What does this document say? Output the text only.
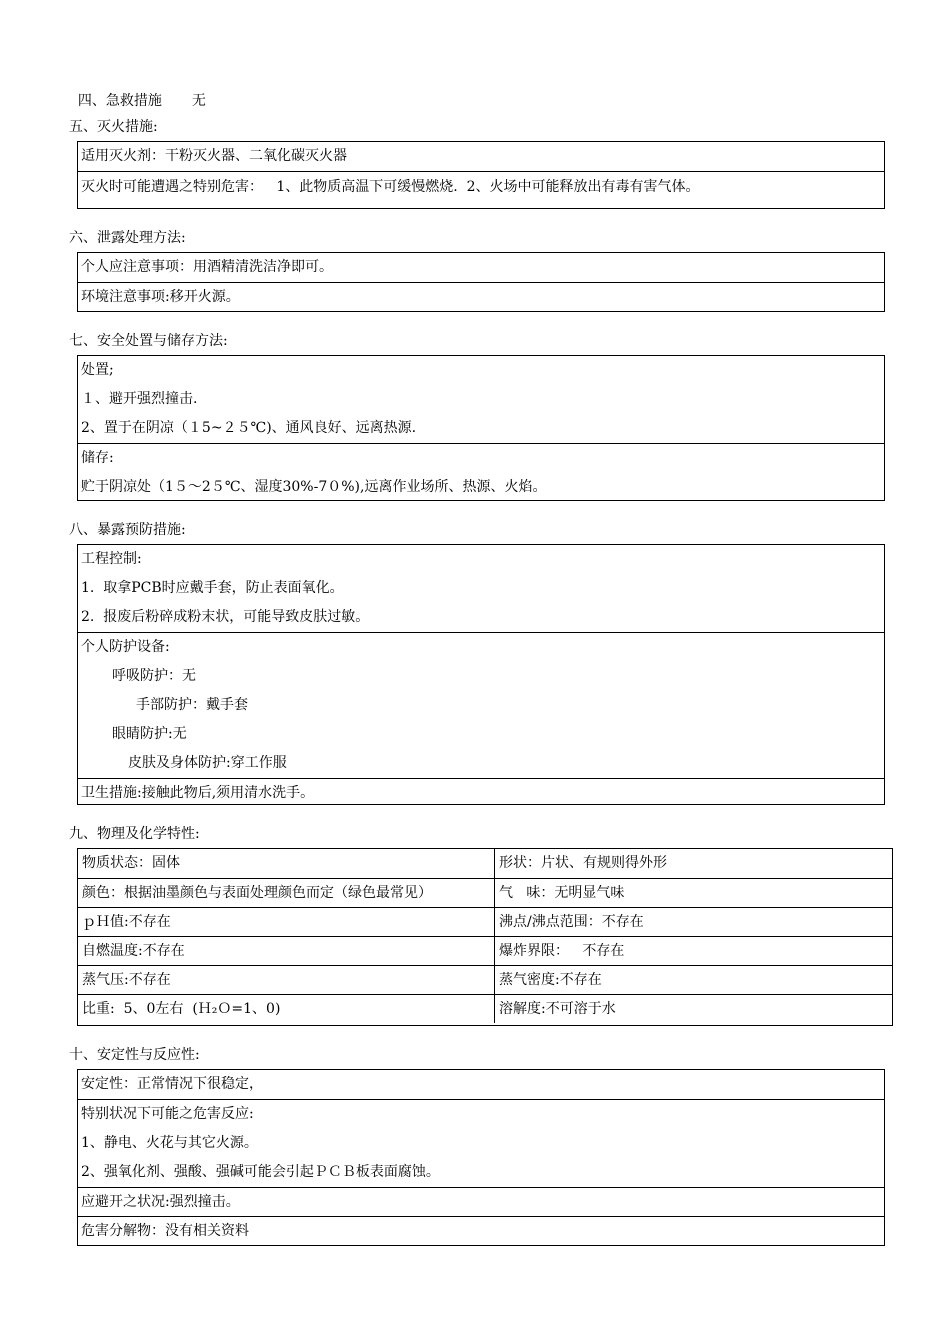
四、急救措施 无

五、灭火措施:
适用灭火剂：干粉灭火器、二氧化碳灭火器
灭火时可能遭遇之特别危害：   1、此物质高温下可缓慢燃烧.  2、火场中可能释放出有毒有害气体。
六、泄露处理方法:
个人应注意事项：用酒精清洗洁净即可。
环境注意事项:移开火源。
七、安全处置与储存方法:
处置;
１、避开强烈撞击.
2、置于在阴凉（１5~２５℃)、通风良好、远离热源.
储存:
贮于阴凉处（1５～2５℃、湿度30%-7０%),远离作业场所、热源、火焰。
八、暴露预防措施:
工程控制:
1.  取拿PCB时应戴手套，防止表面氧化。
2.  报废后粉碎成粉末状，可能导致皮肤过敏。
个人防护设备:
呼吸防护：无
手部防护：戴手套
眼睛防护:无
皮肤及身体防护:穿工作服
卫生措施:接触此物后,须用清水洗手。
九、物理及化学特性:
物质状态：固体	形状：片状、有规则得外形
颜色：根据油墨颜色与表面处理颜色而定（绿色最常见）	气   味：无明显气味
ｐＨ值:不存在	沸点/沸点范围：不存在
自燃温度:不存在	爆炸界限：   不存在
蒸气压:不存在	蒸气密度:不存在
比重:  5、0左右  (Ｈ₂Ｏ=1、0)	溶解度:不可溶于水
十、安定性与反应性:
安定性：正常情况下很稳定，
特别状况下可能之危害反应:
1、静电、火花与其它火源。
2、强氧化剂、强酸、强碱可能会引起ＰＣＢ板表面腐蚀。
应避开之状况:强烈撞击。
危害分解物：没有相关资料
